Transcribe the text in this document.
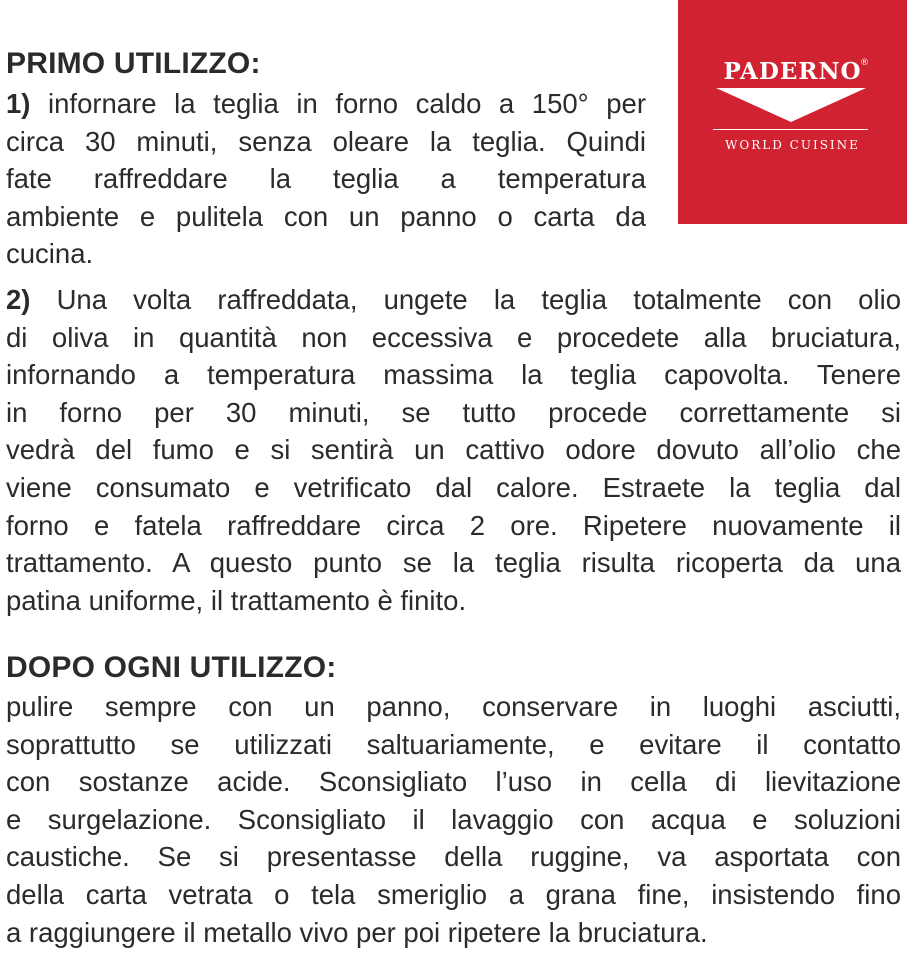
PADERNO
WORLD CUISINE
®
PRIMO UTILIZZO:
1) infornare la teglia in forno caldo a 150° per
circa 30 minuti, senza oleare la teglia. Quindi
fate raffreddare la teglia a temperatura
ambiente e pulitela con un panno o carta da
cucina.
2) Una volta raffreddata, ungete la teglia totalmente con olio
di oliva in quantità non eccessiva e procedete alla bruciatura,
infornando a temperatura massima la teglia capovolta. Tenere
in forno per 30 minuti, se tutto procede correttamente si
vedrà del fumo e si sentirà un cattivo odore dovuto all’olio che
viene consumato e vetrificato dal calore. Estraete la teglia dal
forno e fatela raffreddare circa 2 ore. Ripetere nuovamente il
trattamento. A questo punto se la teglia risulta ricoperta da una
patina uniforme, il trattamento è finito.
DOPO OGNI UTILIZZO:
pulire sempre con un panno, conservare in luoghi asciutti,
soprattutto se utilizzati saltuariamente, e evitare il contatto
con sostanze acide. Sconsigliato l’uso in cella di lievitazione
e surgelazione. Sconsigliato il lavaggio con acqua e soluzioni
caustiche. Se si presentasse della ruggine, va asportata con
della carta vetrata o tela smeriglio a grana fine, insistendo fino
a raggiungere il metallo vivo per poi ripetere la bruciatura.
